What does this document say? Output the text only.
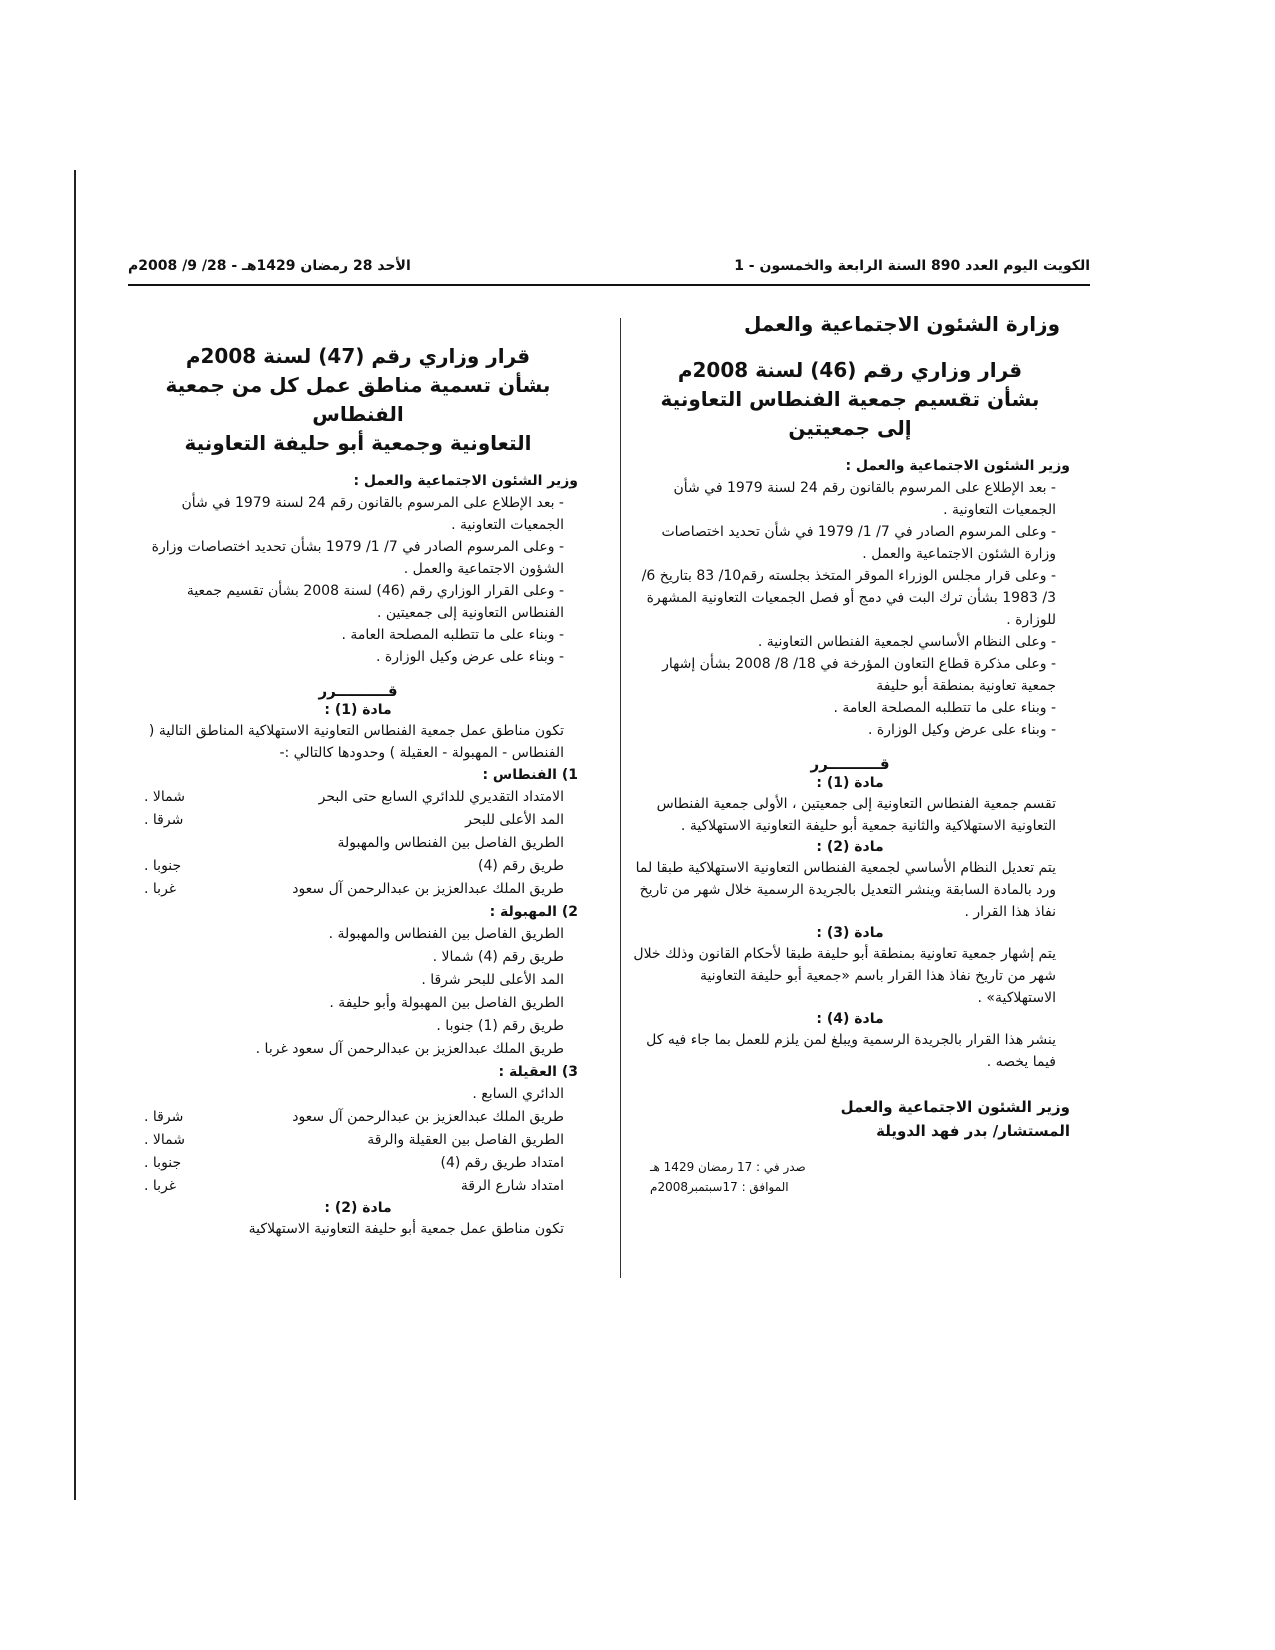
الكويت اليوم العدد 890 السنة الرابعة والخمسون - 1
الأحد 28 رمضان 1429هـ - 28/ 9/ 2008م
وزارة الشئون الاجتماعية والعمل
قرار وزاري رقم (46) لسنة 2008م
بشأن تقسيم جمعية الفنطاس التعاونية
إلى جمعيتين

وزير الشئون الاجتماعية والعمل :

- بعد الإطلاع على المرسوم بالقانون رقم 24 لسنة 1979 في شأن الجمعيات التعاونية .

- وعلى المرسوم الصادر في 7/ 1/ 1979 في شأن تحديد اختصاصات وزارة الشئون الاجتماعية والعمل .

- وعلى قرار مجلس الوزراء الموقر المتخذ بجلسته رقم10/ 83 بتاريخ 6/ 3/ 1983 بشأن ترك البت في دمج أو فصل الجمعيات التعاونية المشهرة للوزارة .

- وعلى النظام الأساسي لجمعية الفنطاس التعاونية .

- وعلى مذكرة قطاع التعاون المؤرخة في 18/ 8/ 2008 بشأن إشهار جمعية تعاونية بمنطقة أبو حليفة

- وبناء على ما تتطلبه المصلحة العامة .

- وبناء على عرض وكيل الوزارة .

قــــــــــرر
مادة (1) :

تقسم جمعية الفنطاس التعاونية إلى جمعيتين ، الأولى جمعية الفنطاس التعاونية الاستهلاكية والثانية جمعية أبو حليفة التعاونية الاستهلاكية .

مادة (2) :

يتم تعديل النظام الأساسي لجمعية الفنطاس التعاونية الاستهلاكية طبقا لما ورد بالمادة السابقة وينشر التعديل بالجريدة الرسمية خلال شهر من تاريخ نفاذ هذا القرار .

مادة (3) :

يتم إشهار جمعية تعاونية بمنطقة أبو حليفة طبقا لأحكام القانون وذلك خلال شهر من تاريخ نفاذ هذا القرار باسم «جمعية أبو حليفة التعاونية الاستهلاكية» .

مادة (4) :

ينشر هذا القرار بالجريدة الرسمية ويبلغ لمن يلزم للعمل بما جاء فيه كل فيما يخصه .

وزير الشئون الاجتماعية والعمل
المستشار/ بدر فهد الدويلة
صدر في : 17 رمضان 1429 هـ
الموافق : 17سبتمبر2008م
قرار وزاري رقم (47) لسنة 2008م
بشأن تسمية مناطق عمل كل من جمعية الفنطاس
التعاونية وجمعية أبو حليفة التعاونية

وزير الشئون الاجتماعية والعمل :

- بعد الإطلاع على المرسوم بالقانون رقم 24 لسنة 1979 في شأن الجمعيات التعاونية .

- وعلى المرسوم الصادر في 7/ 1/ 1979 بشأن تحديد اختصاصات وزارة الشؤون الاجتماعية والعمل .

- وعلى القرار الوزاري رقم (46) لسنة 2008 بشأن تقسيم جمعية الفنطاس التعاونية إلى جمعيتين .

- وبناء على ما تتطلبه المصلحة العامة .

- وبناء على عرض وكيل الوزارة .

قــــــــــرر
مادة (1) :

تكون مناطق عمل جمعية الفنطاس التعاونية الاستهلاكية المناطق التالية ( الفنطاس - المهبولة - العقيلة ) وحدودها كالتالي :-

1) الفنطاس :

الامتداد التقديري للدائري السابع حتى البحر
شمالا .
المد الأعلى للبحر
شرقا .
الطريق الفاصل بين الفنطاس والمهبولة
طريق رقم (4)
جنوبا .
طريق الملك عبدالعزيز بن عبدالرحمن آل سعود
غربا .

2) المهبولة :

الطريق الفاصل بين الفنطاس والمهبولة .
طريق رقم (4) شمالا .
المد الأعلى للبحر شرقا .
الطريق الفاصل بين المهبولة وأبو حليفة .
طريق رقم (1) جنوبا .
طريق الملك عبدالعزيز بن عبدالرحمن آل سعود غربا .

3) العقيلة :

الدائري السابع .
طريق الملك عبدالعزيز بن عبدالرحمن آل سعود
شرقا .
الطريق الفاصل بين العقيلة والرقة
شمالا .
امتداد طريق رقم (4)
جنوبا .
امتداد شارع الرقة
غربا .
مادة (2) :

تكون مناطق عمل جمعية أبو حليفة التعاونية الاستهلاكية
